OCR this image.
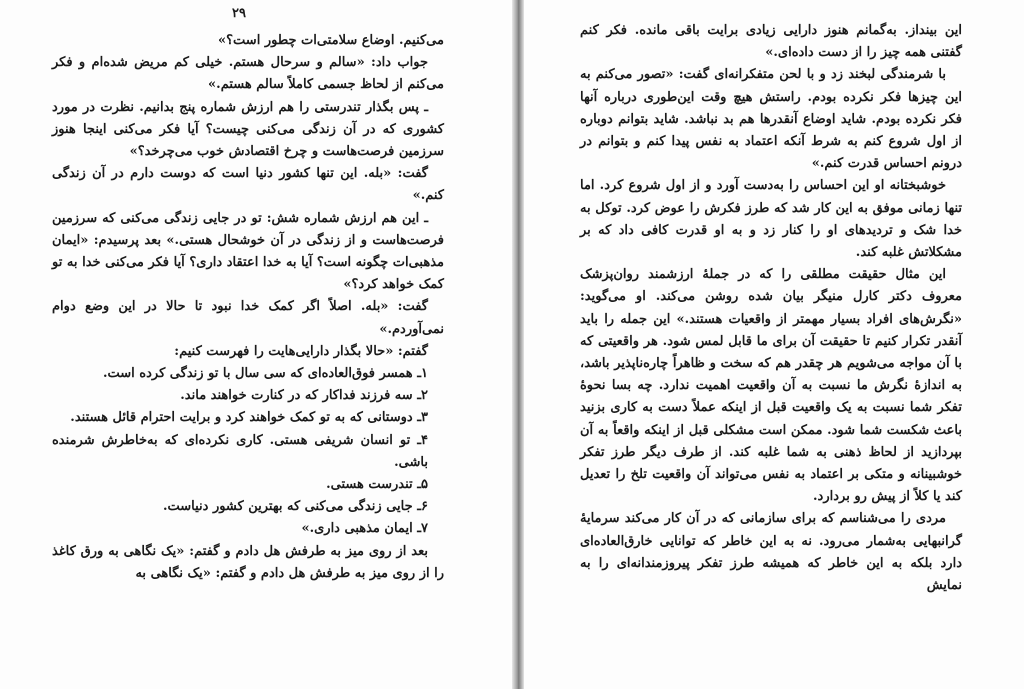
۲۹

می‌کنیم. اوضاع سلامتی‌ات چطور است؟»

جواب داد: «سالم و سرحال هستم. خیلی کم مریض شده‌ام و فکر می‌کنم از لحاظ جسمی کاملاً سالم هستم.»

ـ پس بگذار تندرستی را هم ارزش شماره پنج بدانیم. نظرت در مورد کشوری که در آن زندگی می‌کنی چیست؟ آیا فکر می‌کنی اینجا هنوز سرزمین فرصت‌هاست و چرخ اقتصادش خوب می‌چرخد؟»

گفت: «بله. این تنها کشور دنیا است که دوست دارم در آن زندگی کنم.»

ـ این هم ارزش شماره شش: تو در جایی زندگی می‌کنی که سرزمین فرصت‌هاست و از زندگی در آن خوشحال هستی.» بعد پرسیدم: «ایمان مذهبی‌ات چگونه است؟ آیا به خدا اعتقاد داری؟ آیا فکر می‌کنی خدا به تو کمک خواهد کرد؟»

گفت: «بله. اصلاً اگر کمک خدا نبود تا حالا در این وضع دوام نمی‌آوردم.»

گفتم: «حالا بگذار دارایی‌هایت را فهرست کنیم:

۱ـ همسر فوق‌العاده‌ای که سی سال با تو زندگی کرده است.

۲ـ سه فرزند فداکار که در کنارت خواهند ماند.

۳ـ دوستانی که به تو کمک خواهند کرد و برایت احترام قائل هستند.

۴ـ تو انسان شریفی هستی. کاری نکرده‌ای که به‌خاطرش شرمنده باشی.

۵ـ تندرست هستی.

۶ـ جایی زندگی می‌کنی که بهترین کشور دنیاست.

۷ـ ایمان مذهبی داری.»

بعد از روی میز به طرفش هل دادم و گفتم: «یک نگاهی به ورق کاغذ را از روی میز به طرفش هل دادم و گفتم: «یک نگاهی به

این بینداز. به‌گمانم هنوز دارایی زیادی برایت باقی مانده. فکر کنم گفتنی همه چیز را از دست داده‌ای.»

با شرمندگی لبخند زد و با لحن متفکرانه‌ای گفت: «تصور می‌کنم به این چیزها فکر نکرده بودم. راستش هیچ وقت این‌طوری درباره آنها فکر نکرده بودم. شاید اوضاع آنقدرها هم بد نباشد. شاید بتوانم دوباره از اول شروع کنم به شرط آنکه اعتماد به نفس پیدا کنم و بتوانم در درونم احساس قدرت کنم.»

خوشبختانه او این احساس را به‌دست آورد و از اول شروع کرد. اما تنها زمانی موفق به این کار شد که طرز فکرش را عوض کرد. توکل به خدا شک و تردیدهای او را کنار زد و به او قدرت کافی داد که بر مشکلاتش غلبه کند.

این مثال حقیقت مطلقی را که در جملهٔ ارزشمند روان‌پزشک معروف دکتر کارل منیگر بیان شده روشن می‌کند. او می‌گوید: «نگرش‌های افراد بسیار مهمتر از واقعیات هستند.» این جمله را باید آنقدر تکرار کنیم تا حقیقت آن برای ما قابل لمس شود. هر واقعیتی که با آن مواجه می‌شویم هر چقدر هم که سخت و ظاهراً چاره‌ناپذیر باشد، به اندازهٔ نگرش ما نسبت به آن واقعیت اهمیت ندارد. چه بسا نحوهٔ تفکر شما نسبت به یک واقعیت قبل از اینکه عملاً دست به کاری بزنید باعث شکست شما شود. ممکن است مشکلی قبل از اینکه واقعاً به آن بپردازید از لحاظ ذهنی به شما غلبه کند. از طرف دیگر طرز تفکر خوشبینانه و متکی بر اعتماد به نفس می‌تواند آن واقعیت تلخ را تعدیل کند یا کلاً از پیش رو بردارد.

مردی را می‌شناسم که برای سازمانی که در آن کار می‌کند سرمایهٔ گرانبهایی به‌شمار می‌رود. نه به این خاطر که توانایی خارق‌العاده‌ای دارد بلکه به این خاطر که همیشه طرز تفکر پیروزمندانه‌ای را به نمایش
